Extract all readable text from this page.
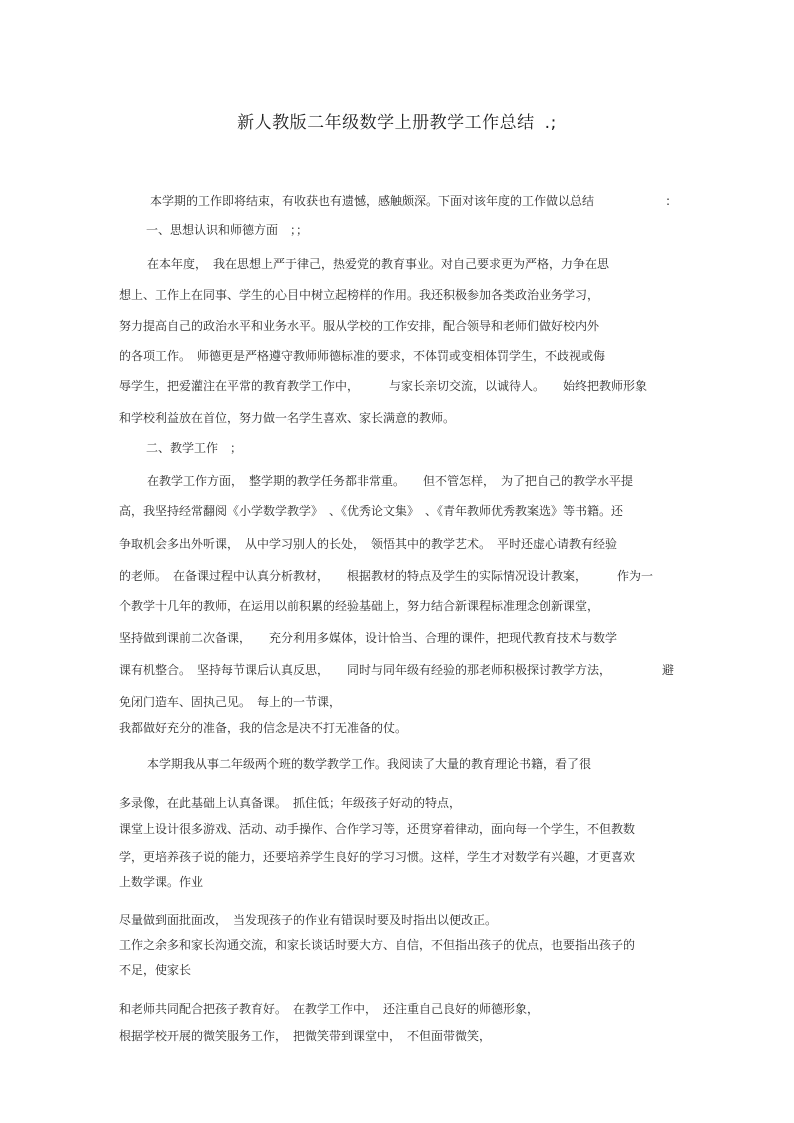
新人教版二年级数学上册教学工作总结 .;
本学期的工作即将结束，有收获也有遗憾，感触颇深。下面对该年度的工作做以总结	:
一、思想认识和师德方面　；；
在本年度，　我在思想上严于律己，热爱党的教育事业。对自己要求更为严格，力争在思
想上、工作上在同事、学生的心目中树立起榜样的作用。我还积极参加各类政治业务学习，
努力提高自己的政治水平和业务水平。服从学校的工作安排，配合领导和老师们做好校内外
的各项工作。　师德更是严格遵守教师师德标准的要求，不体罚或变相体罚学生，不歧视或侮
辱学生，把爱灌注在平常的教育教学工作中，　　　与家长亲切交流，以诚待人。　　始终把教师形象
和学校利益放在首位，努力做一名学生喜欢、家长满意的教师。
二、教学工作　；
在教学工作方面，　整学期的教学任务都非常重。　　但不管怎样，　为了把自己的教学水平提
高，我坚持经常翻阅《小学数学教学》　、《优秀论文集》　、《青年教师优秀教案选》等书籍。还
争取机会多出外听课，　从中学习别人的长处，　领悟其中的教学艺术。　平时还虚心请教有经验
的老师。　在备课过程中认真分析教材，　　根据教材的特点及学生的实际情况设计教案，　　　作为一
个教学十几年的教师，在运用以前积累的经验基础上，努力结合新课程标准理念创新课堂，
坚持做到课前二次备课，　　充分利用多媒体，设计恰当、合理的课件，把现代教育技术与数学
课有机整合。　坚持每节课后认真反思，　　同时与同年级有经验的那老师积极探讨教学方法，	避
免闭门造车、固执己见。　每上的一节课，
我都做好充分的准备，我的信念是决不打无准备的仗。
本学期我从事二年级两个班的数学教学工作。我阅读了大量的教育理论书籍，看了很
多录像，在此基础上认真备课。　抓住低；年级孩子好动的特点，
课堂上设计很多游戏、活动、动手操作、合作学习等，还贯穿着律动，面向每一个学生，不但教数
学，更培养孩子说的能力，还要培养学生良好的学习习惯。这样，学生才对数学有兴趣，才更喜欢
上数学课。作业
尽量做到面批面改，　当发现孩子的作业有错误时要及时指出以便改正。
工作之余多和家长沟通交流，和家长谈话时要大方、自信，不但指出孩子的优点，也要指出孩子的
不足，使家长
和老师共同配合把孩子教育好。　在教学工作中，　还注重自己良好的师德形象，
根据学校开展的微笑服务工作，　把微笑带到课堂中，　不但面带微笑，
